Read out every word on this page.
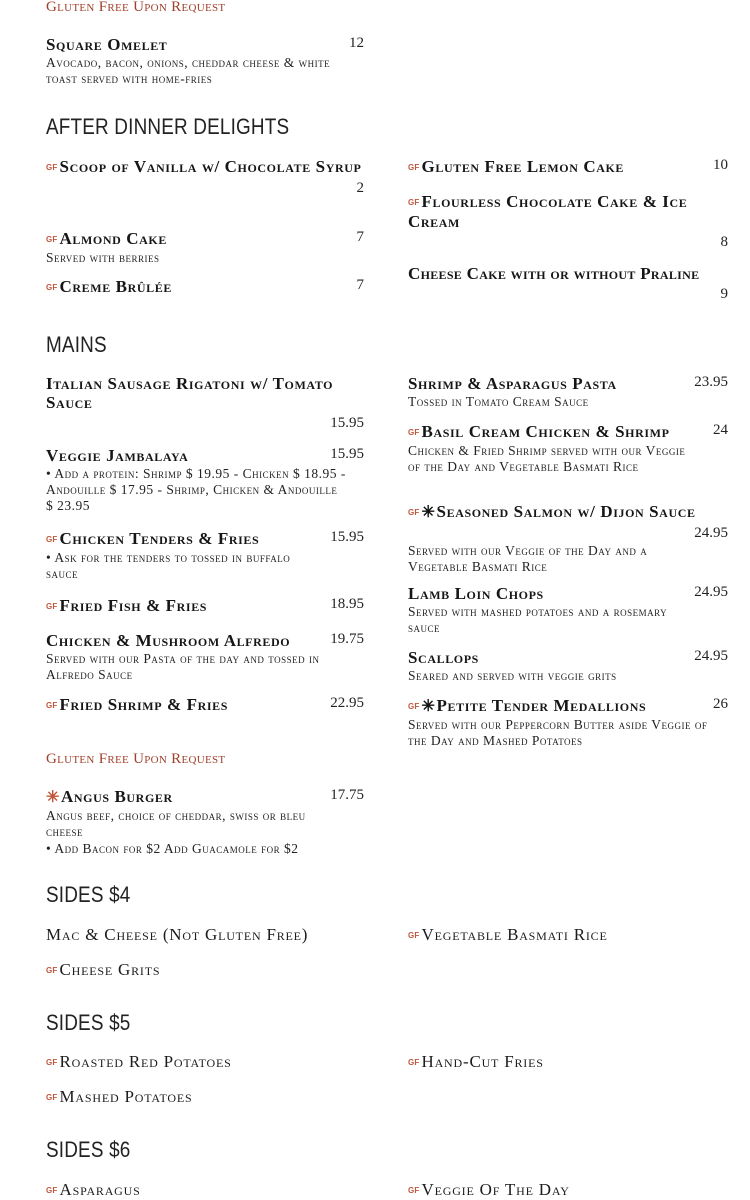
Gluten Free Upon Request
Square Omelet	12
Avocado, bacon, onions, cheddar cheese & white toast served with home-fries
AFTER DINNER DELIGHTS
GF Scoop of Vanilla w/ Chocolate Syrup
2
GF Almond Cake	7
Served with berries
GF Creme Brûlée	7
GF Gluten Free Lemon Cake	10
GF Flourless Chocolate Cake & Ice Cream
8
Cheese Cake with or without Praline
9
MAINS
Italian Sausage Rigatoni w/ Tomato Sauce
15.95
Veggie Jambalaya	15.95
• Add a protein: Shrimp $ 19.95 - Chicken $ 18.95 - Andouille $ 17.95 - Shrimp, Chicken & Andouille $ 23.95
GF Chicken Tenders & Fries	15.95
• Ask for the tenders to tossed in buffalo sauce
GF Fried Fish & Fries	18.95
Chicken & Mushroom Alfredo	19.75
Served with our Pasta of the day and tossed in Alfredo Sauce
GF Fried Shrimp & Fries	22.95
Gluten Free Upon Request
✳Angus Burger	17.75
Angus beef, choice of cheddar, swiss or bleu cheese
• Add Bacon for $2 Add Guacamole for $2
Shrimp & Asparagus Pasta	23.95
Tossed in Tomato Cream Sauce
GF Basil Cream Chicken & Shrimp	24
Chicken & Fried Shrimp served with our Veggie of the Day and Vegetable Basmati Rice
GF ✳Seasoned Salmon w/ Dijon Sauce
24.95
Served with our Veggie of the Day and a Vegetable Basmati Rice
Lamb Loin Chops	24.95
Served with mashed potatoes and a rosemary sauce
Scallops	24.95
Seared and served with veggie grits
GF ✳Petite Tender Medallions	26
Served with our Peppercorn Butter aside Veggie of the Day and Mashed Potatoes
SIDES $4
Mac & Cheese (Not Gluten Free)
GF Cheese Grits
GF Vegetable Basmati Rice
SIDES $5
GF Roasted Red Potatoes
GF Mashed Potatoes
GF Hand-Cut Fries
SIDES $6
GF Asparagus	GF Veggie Of The Day
